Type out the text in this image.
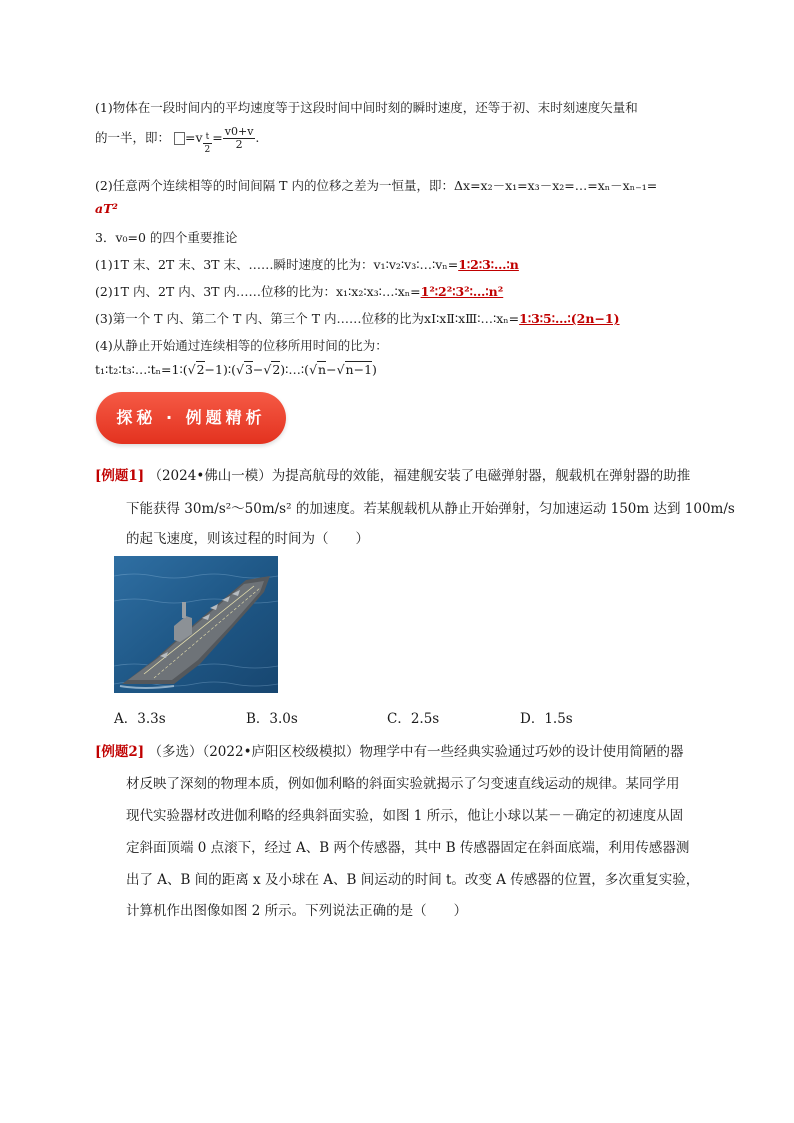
(1)物体在一段时间内的平均速度等于这段时间中间时刻的瞬时速度，还等于初、末时刻速度矢量和
的一半，即： $=v \frac{t}{2} = \frac{v0+v}{2}$ .
(2)任意两个连续相等的时间间隔 T 内的位移之差为一恒量，即：Δx=x₂－x₁=x₃－x₂=…=xₙ－xₙ₋₁=
aT²
3．v₀=0 的四个重要推论
(1)1T 末、2T 末、3T 末、……瞬时速度的比为：v₁∶v₂∶v₃∶…∶vₙ=1∶2∶3∶…∶n
(2)1T 内、2T 内、3T 内……位移的比为：x₁∶x₂∶x₃∶…∶xₙ=1²∶2²∶3²∶…∶n²
(3)第一个 T 内、第二个 T 内、第三个 T 内……位移的比为xⅠ∶xⅡ∶xⅢ∶…∶xₙ=1∶3∶5∶…∶(2n−1)
(4)从静止开始通过连续相等的位移所用时间的比为：
t₁∶t₂∶t₃∶…∶tₙ=1∶(√2−1)∶(√3−√2)∶…∶(√n−√n−1)
探秘 · 例题精析
[例题1] （2024•佛山一模）为提高航母的效能，福建舰安装了电磁弹射器，舰载机在弹射器的助推
下能获得 30m/s²～50m/s² 的加速度。若某舰载机从静止开始弹射，匀加速运动 150m 达到 100m/s
的起飞速度，则该过程的时间为（　　）
A．3.3s	B．3.0s	C．2.5s	D．1.5s
[例题2] （多选）（2022•庐阳区校级模拟）物理学中有一些经典实验通过巧妙的设计使用简陋的器
材反映了深刻的物理本质，例如伽利略的斜面实验就揭示了匀变速直线运动的规律。某同学用
现代实验器材改进伽利略的经典斜面实验，如图 1 所示，他让小球以某－－确定的初速度从固
定斜面顶端 0 点滚下，经过 A、B 两个传感器，其中 B 传感器固定在斜面底端，利用传感器测
出了 A、B 间的距离 x 及小球在 A、B 间运动的时间 t。改变 A 传感器的位置，多次重复实验，
计算机作出图像如图 2 所示。下列说法正确的是（　　）
